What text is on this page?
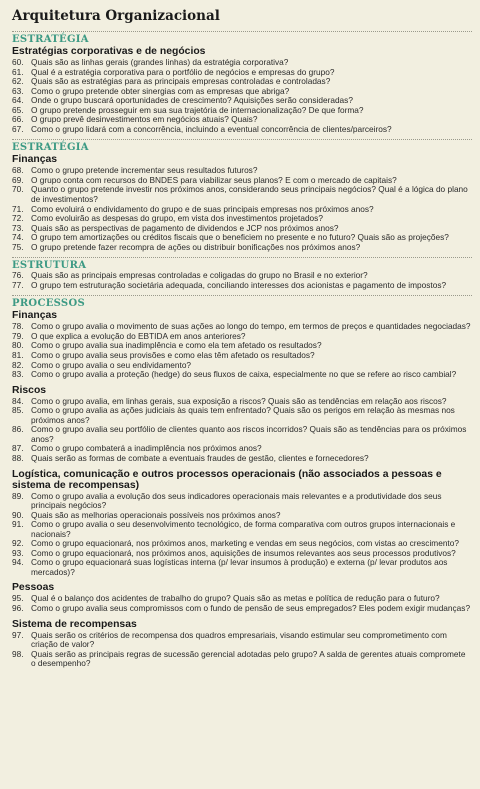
Arquitetura Organizacional
ESTRATÉGIA
Estratégias corporativas e de negócios
60. Quais são as linhas gerais (grandes linhas) da estratégia corporativa?
61. Qual é a estratégia corporativa para o portfólio de negócios e empresas do grupo?
62. Quais são as estratégias para as principais empresas controladas e controladas?
63. Como o grupo pretende obter sinergias com as empresas que abriga?
64. Onde o grupo buscará oportunidades de crescimento? Aquisições serão consideradas?
65. O grupo pretende prosseguir em sua sua trajetória de internacionalização? De que forma?
66. O grupo prevê desinvestimentos em negócios atuais? Quais?
67. Como o grupo lidará com a concorrência, incluindo a eventual concorrência de clientes/parceiros?
ESTRATÉGIA
Finanças
68. Como o grupo pretende incrementar seus resultados futuros?
69. O grupo conta com recursos do BNDES para viabilizar seus planos? E com o mercado de capitais?
70. Quanto o grupo pretende investir nos próximos anos, considerando seus principais negócios? Qual é a lógica do plano de investimentos?
71. Como evoluirá o endividamento do grupo e de suas principais empresas nos próximos anos?
72. Como evoluirão as despesas do grupo, em vista dos investimentos projetados?
73. Quais são as perspectivas de pagamento de dividendos e JCP nos próximos anos?
74. O grupo tem amortizações ou créditos fiscais que o beneficiem no presente e no futuro? Quais são as projeções?
75. O grupo pretende fazer recompra de ações ou distribuir bonificações nos próximos anos?
ESTRUTURA
76. Quais são as principais empresas controladas e coligadas do grupo no Brasil e no exterior?
77. O grupo tem estruturação societária adequada, conciliando interesses dos acionistas e pagamento de impostos?
PROCESSOS
Finanças
78. Como o grupo avalia o movimento de suas ações ao longo do tempo, em termos de preços e quantidades negociadas?
79. O que explica a evolução do EBTIDA em anos anteriores?
80. Como o grupo avalia sua inadimplência e como ela tem afetado os resultados?
81. Como o grupo avalia seus provisões e como elas têm afetado os resultados?
82. Como o grupo avalia o seu endividamento?
83. Como o grupo avalia a proteção (hedge) do seus fluxos de caixa, especialmente no que se refere ao risco cambial?
Riscos
84. Como o grupo avalia, em linhas gerais, sua exposição a riscos? Quais são as tendências em relação aos riscos?
85. Como o grupo avalia as ações judiciais às quais tem enfrentado? Quais são os perigos em relação às mesmas nos próximos anos?
86. Como o grupo avalia seu portfólio de clientes quanto aos riscos incorridos? Quais são as tendências para os próximos anos?
87. Como o grupo combaterá a inadimplência nos próximos anos?
88. Quais serão as formas de combate a eventuais fraudes de gestão, clientes e fornecedores?
Logística, comunicação e outros processos operacionais (não associados a pessoas e sistema de recompensas)
89. Como o grupo avalia a evolução dos seus indicadores operacionais mais relevantes e a produtividade dos seus principais negócios?
90. Quais são as melhorias operacionais possíveis nos próximos anos?
91. Como o grupo avalia o seu desenvolvimento tecnológico, de forma comparativa com outros grupos internacionais e nacionais?
92. Como o grupo equacionará, nos próximos anos, marketing e vendas em seus negócios, com vistas ao crescimento?
93. Como o grupo equacionará, nos próximos anos, aquisições de insumos relevantes aos seus processos produtivos?
94. Como o grupo equacionará suas logísticas interna (p/ levar insumos à produção) e externa (p/ levar produtos aos mercados)?
Pessoas
95. Qual é o balanço dos acidentes de trabalho do grupo? Quais são as metas e política de redução para o futuro?
96. Como o grupo avalia seus compromissos com o fundo de pensão de seus empregados? Eles podem exigir mudanças?
Sistema de recompensas
97. Quais serão os critérios de recompensa dos quadros empresariais, visando estimular seu comprometimento com criação de valor?
98. Quais serão as principais regras de sucessão gerencial adotadas pelo grupo? A salda de gerentes atuais compromete o desempenho?
